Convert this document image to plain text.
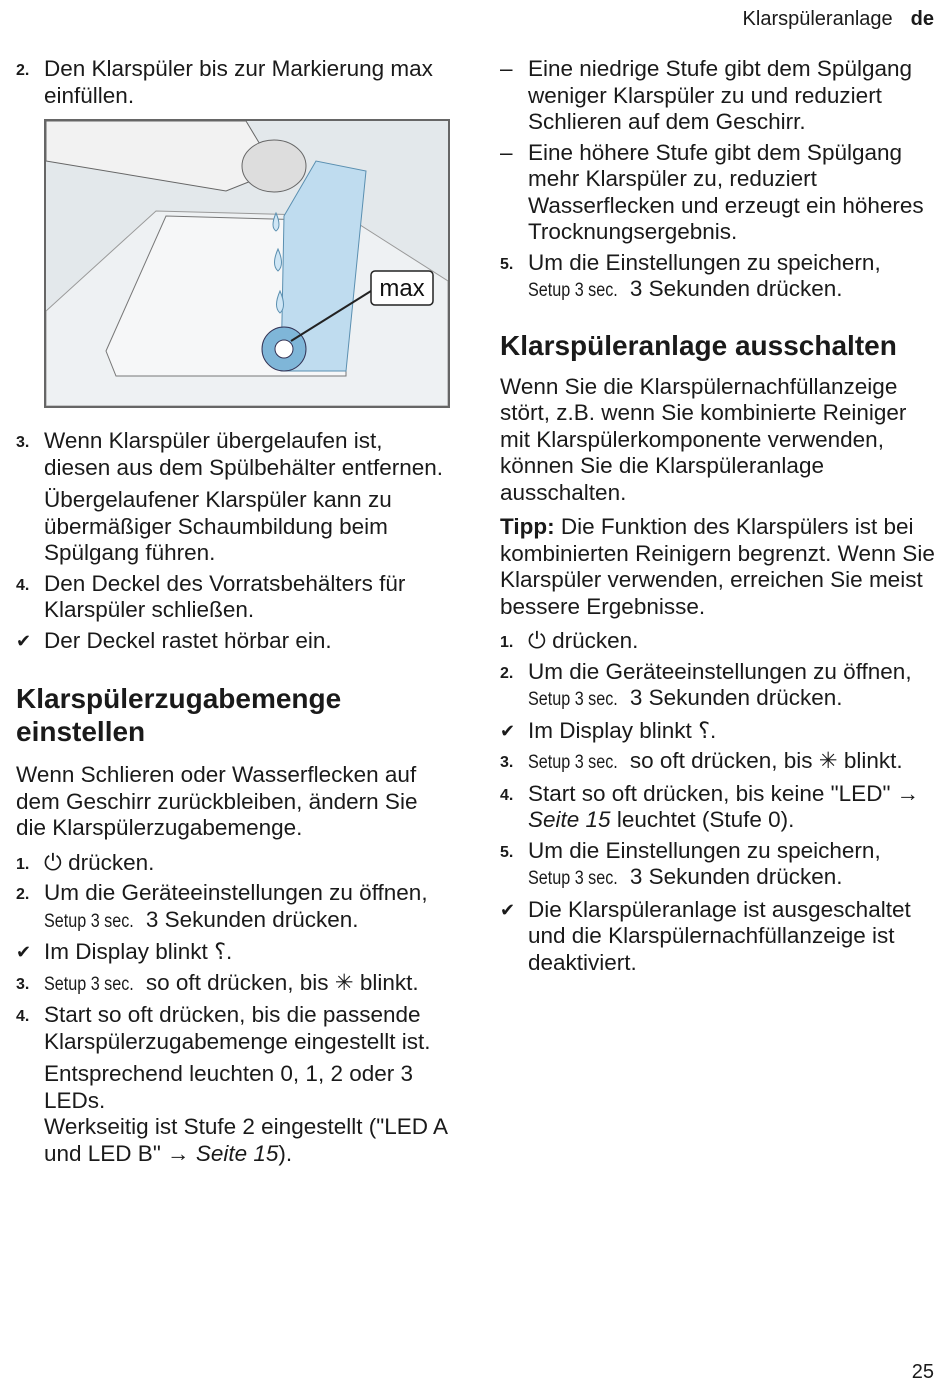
Klarspüleranlage de
2. Den Klarspüler bis zur Markierung max einfüllen.
max
3. Wenn Klarspüler übergelaufen ist, diesen aus dem Spülbehälter entfernen.
Übergelaufener Klarspüler kann zu übermäßiger Schaumbildung beim Spülgang führen.
4. Den Deckel des Vorratsbehälters für Klarspüler schließen.
✔ Der Deckel rastet hörbar ein.
Klarspülerzugabemenge einstellen
Wenn Schlieren oder Wasserflecken auf dem Geschirr zurückbleiben, ändern Sie die Klarspülerzugabemenge.
1. ⏻ drücken.
2. Um die Geräteeinstellungen zu öffnen, Setup 3 sec. 3 Sekunden drücken.
✔ Im Display blinkt ⸮.
3. Setup 3 sec. so oft drücken, bis ✳ blinkt.
4. Start so oft drücken, bis die passende Klarspülerzugabemenge eingestellt ist.
Entsprechend leuchten 0, 1, 2 oder 3 LEDs.
Werkseitig ist Stufe 2 eingestellt ("LED A und LED B" → Seite 15).
– Eine niedrige Stufe gibt dem Spülgang weniger Klarspüler zu und reduziert Schlieren auf dem Geschirr.
– Eine höhere Stufe gibt dem Spülgang mehr Klarspüler zu, reduziert Wasserflecken und erzeugt ein höheres Trocknungsergebnis.
5. Um die Einstellungen zu speichern, Setup 3 sec. 3 Sekunden drücken.
Klarspüleranlage ausschalten
Wenn Sie die Klarspülernachfüllanzeige stört, z.B. wenn Sie kombinierte Reiniger mit Klarspülerkomponente verwenden, können Sie die Klarspüleranlage ausschalten.
Tipp: Die Funktion des Klarspülers ist bei kombinierten Reinigern begrenzt. Wenn Sie Klarspüler verwenden, erreichen Sie meist bessere Ergebnisse.
1. ⏻ drücken.
2. Um die Geräteeinstellungen zu öffnen, Setup 3 sec. 3 Sekunden drücken.
✔ Im Display blinkt ⸮.
3. Setup 3 sec. so oft drücken, bis ✳ blinkt.
4. Start so oft drücken, bis keine "LED" → Seite 15 leuchtet (Stufe 0).
5. Um die Einstellungen zu speichern, Setup 3 sec. 3 Sekunden drücken.
✔ Die Klarspüleranlage ist ausgeschaltet und die Klarspülernachfüllanzeige ist deaktiviert.
25
